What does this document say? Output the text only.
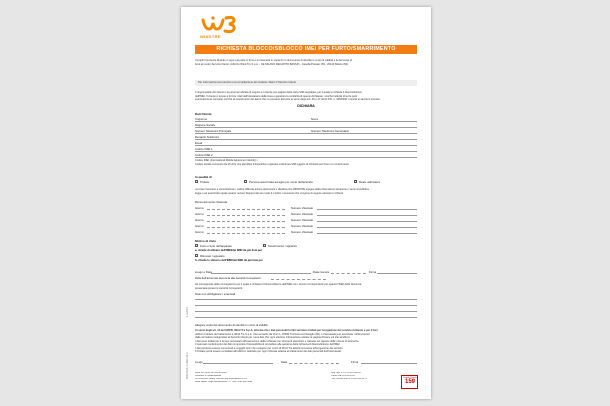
WINDTRE
RICHIESTA BLOCCO/SBLOCCO IMEI PER FURTO/SMARRIMENTO
Compili il presente Modulo in ogni sua parte in firmi e lo trasmetta in copia di un documento di identità in corso di validità e la denuncia di
furto al nostro Servizio Clienti, indirizzo Wind Tre S.p.A. - CE MILANO RECAPITO BASSIO - Casella Postale 159 - 20123 Milano (MI).
Per informazioni sul servizio e la compilazione del modulo chiami il Servizio Clienti
Il responsabile dei Clienti è la persona indicata di seguito è il cliente pre-pagato della carta SIM segnalata; per il quale si richiede il blocco/sblocco
dell'IMEI. Il cliente è tenuto a fornire i dati dell'intestatario della linea e garantire la veridicità di quanto dichiarato, nonché l'attività di terze parti
eventualmente coinvolte nonché al risarcimento dei danni che ne possano derivare ai sensi degli artt. 46 e 47 del D.P.R. n. 445/2000, nonché le sanzioni previste.
DICHIARA
Dati Cliente
Cognome	Nome
Ragione Sociale
Numero Telefonico Principale	Numero Telefonico Secondario
Recapito Telefonico
Email
Codice IMEI 1
Codice IMEI 2
Codice IMEI (International Mobile Equipment Identity) /
Codice seriale composto da 15 cifre che identifica il dispositivo registrato sulla linea SIM oggetto di richiesta per furto o lo smarrimento.
In qualità di
Titolare	Persona autorizzata ad agire per conto dell'azienda	Reale utilizzatore
nel caso l'accesso e consultazione / codice IMEI da azione elettronica e disattiva che WINDTRE esegue della informazioni attraverso i sensi di pubblica
legge e ed autorizzato quale quanto numeri Stampa dal suo ruolo il modulo i necessari che vengono di seguito elencati o richiesti
Riconoscimento chiamata
Giorno:	Numero chiamato
Giorno:	Numero chiamato
Giorno:	Numero chiamato
Giorno:	Numero chiamato
Giorno:	Numero chiamato
Motivo di invio
Furto o furto dell'apparato	Smarrimento / apparato
a. chiede di attivare dell'IMEI/dei IMEI da più lista per
Ritrovato / apparato
b. chiede lo sblocco dell'IMEI/del IMEI da più lista per
Luogo e Data	Data ricevuta	Firma
Data dell'avvenuta denuncia alle Autorità Competenti
LE consapevole delle conseguenze per il quale è richiesto il blocco/sblocco dell'IMEI con i termini corrispondenti per quanto l'IMEI della denuncia
presentata presso le Autorità Competenti.
Note non obbligatorie / eventuali
Allegare copia del documento di identità in corso di validità
Ai sensi degli art. 13 del GDPR, Wind Tre S.p.A. informa che i dati personali forniti verranno trattati per l'erogazione del servizio richiesto e per il loro
utilizzo il titolare del trattamento è Wind Tre S.p.A. Via Leonardo da Vinci 1, 20090 Trezzano sul Naviglio (MI). L'interessato può esercitare i diritti previsti
dalla normativa rivolgendosi al Servizio Clienti per i suoi dati. Per ogni ulteriore informazione visitare la pagina Privacy sul sito windtre.it.
I dati sono trattati per il tempo necessario all'esecuzione della richiesta con strumenti elettronici e cartacei nel rispetto delle misure di sicurezza.
Il mancato conferimento dei dati comporterà l'impossibilità di procedere alla gestione della richiesta di blocco/sblocco dell'IMEI.
I dati potranno essere comunicati a soggetti terzi che svolgono per conto di Wind Tre attività connesse all'erogazione del servizio.
Il Titolare potrà essere contattato all'indirizzo dedicato per ogni richiesta relativa al trattamento dei dati personali dell'interessato.
Luogo	Data	Firma
Wind Tre S.p.A. con Socio Unico
Direzione e coordinamento
CK Hutchison Group Telecom Italy Investments S.à r.l.
Sede legale: Largo Metropolitana, 5 - 20017 Rho (MI) Italia
Reg. Imp. e C.F. 02517580920
Partita IVA 13378520152
Cap. Sociale euro 474.304.560,00 i.v.
Casella Postale
159
1.4.2021
MOD.W-BLK-IMEI-V1.0
